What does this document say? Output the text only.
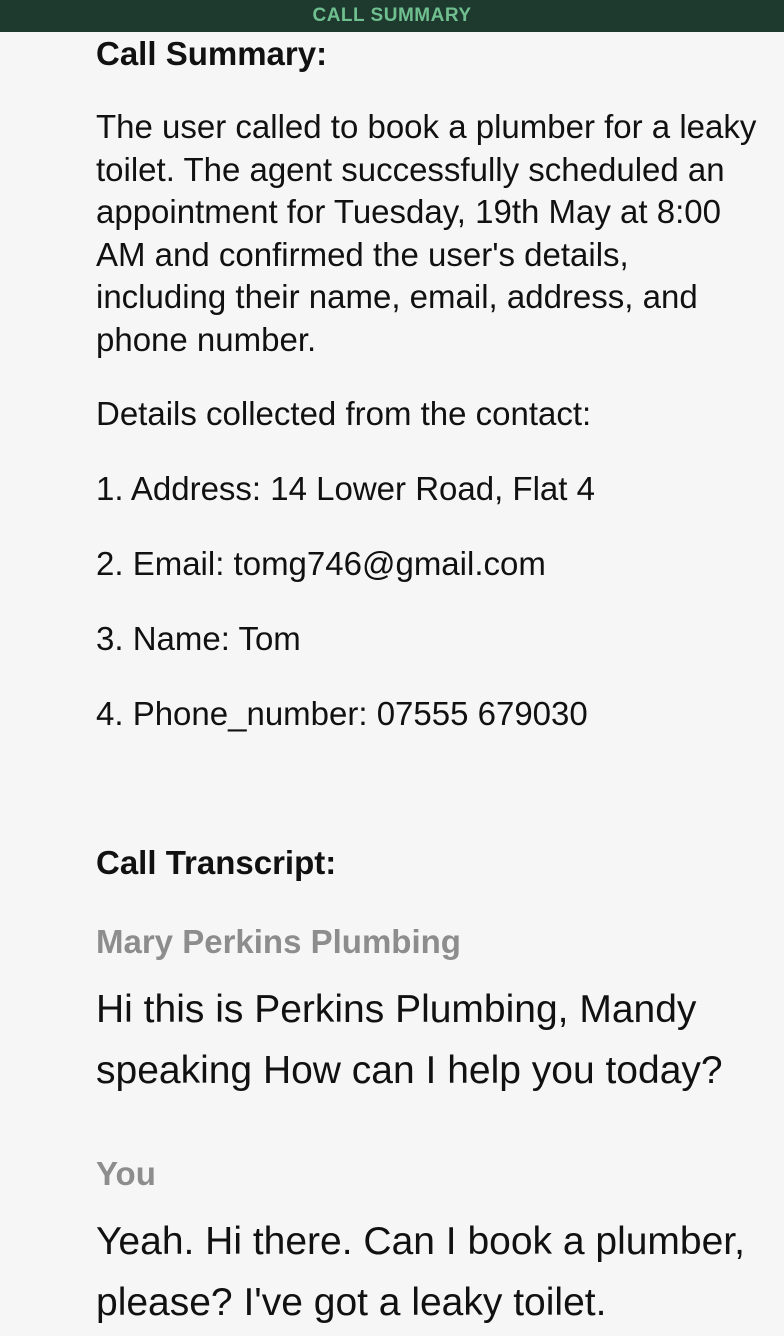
CALL SUMMARY
Call Summary:

The user called to book a plumber for a leaky toilet. The agent successfully scheduled an appointment for Tuesday, 19th May at 8:00 AM and confirmed the user's details, including their name, email, address, and phone number.

Details collected from the contact:

1. Address: 14 Lower Road, Flat 4
2. Email: tomg746@gmail.com
3. Name: Tom
4. Phone_number: 07555 679030
Call Transcript:

Mary Perkins Plumbing

Hi this is Perkins Plumbing, Mandy speaking How can I help you today?

You

Yeah. Hi there. Can I book a plumber, please? I've got a leaky toilet.
